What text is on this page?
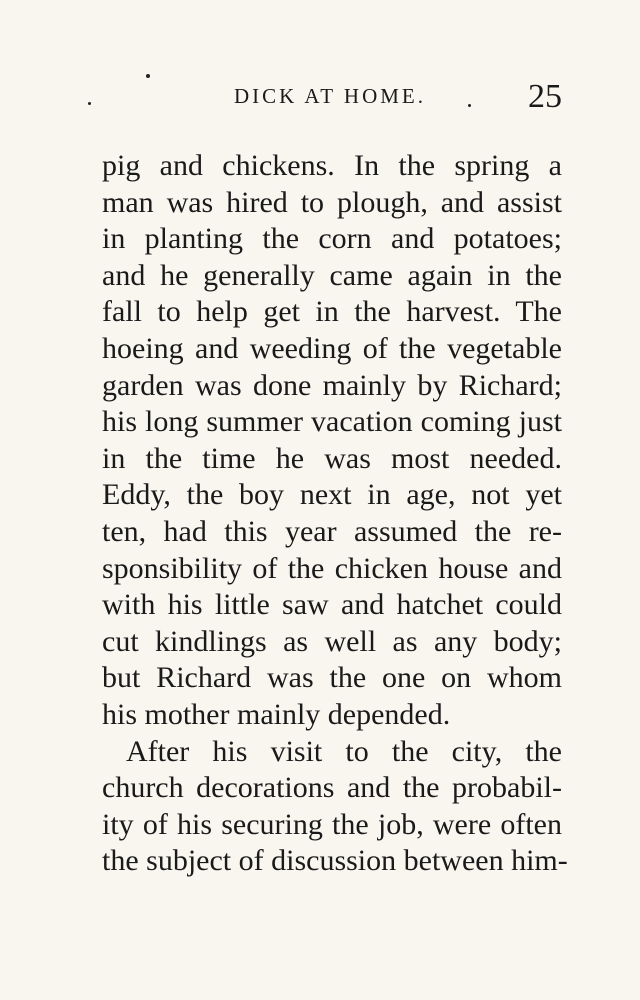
DICK AT HOME.	25
pig and chickens. In the spring a
man was hired to plough, and assist
in planting the corn and potatoes;
and he generally came again in the
fall to help get in the harvest. The
hoeing and weeding of the vegetable
garden was done mainly by Richard;
his long summer vacation coming just
in the time he was most needed.
Eddy, the boy next in age, not yet
ten, had this year assumed the re-
sponsibility of the chicken house and
with his little saw and hatchet could
cut kindlings as well as any body;
but Richard was the one on whom
his mother mainly depended.
After his visit to the city, the
church decorations and the probabil-
ity of his securing the job, were often
the subject of discussion between him-
